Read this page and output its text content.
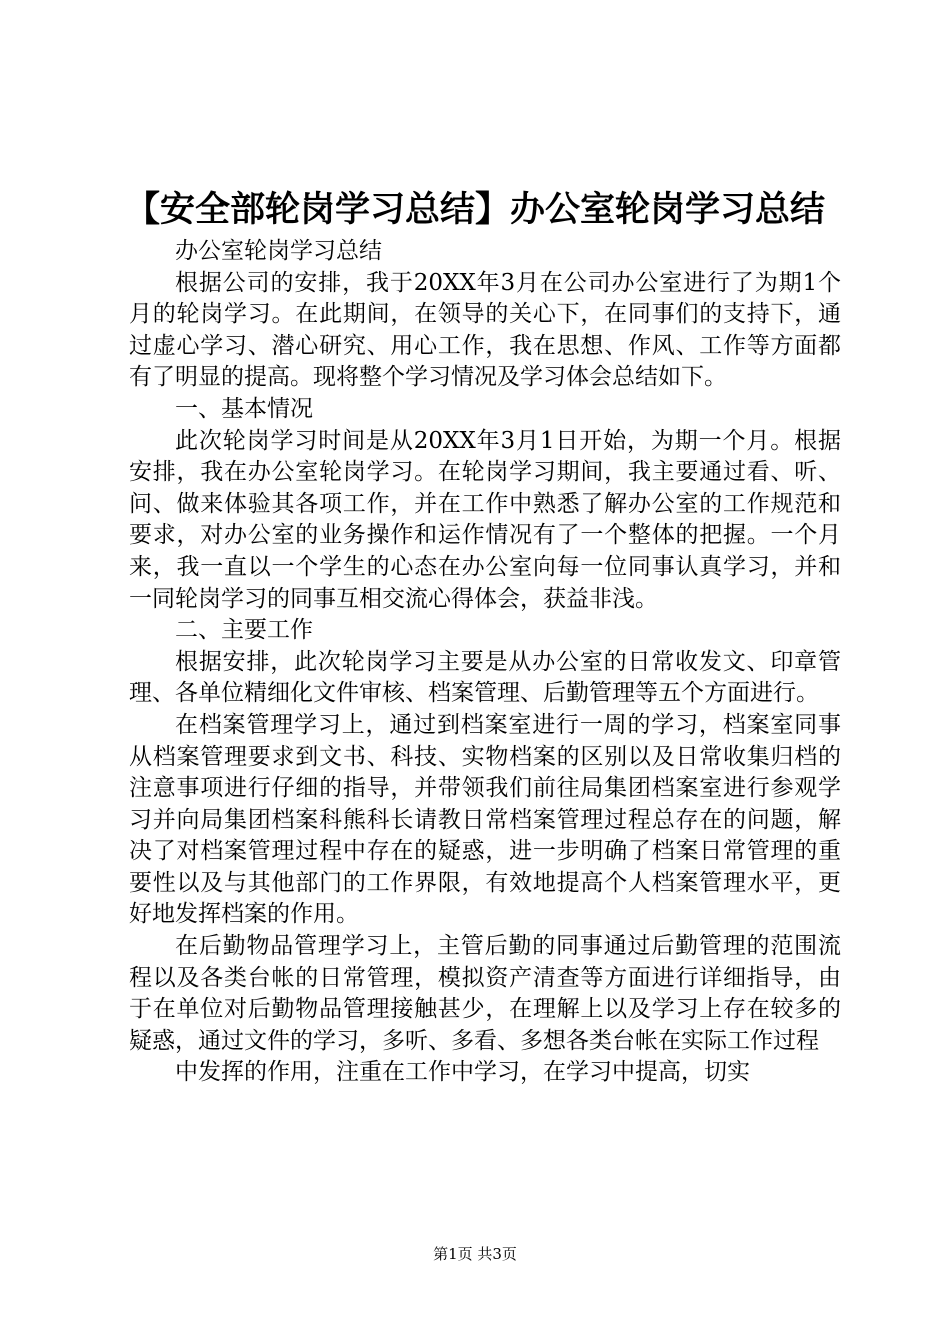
【安全部轮岗学习总结】办公室轮岗学习总结

办公室轮岗学习总结

根据公司的安排，我于20XX年3月在公司办公室进行了为期1个月的轮岗学习。在此期间，在领导的关心下，在同事们的支持下，通过虚心学习、潜心研究、用心工作，我在思想、作风、工作等方面都有了明显的提高。现将整个学习情况及学习体会总结如下。

一、基本情况

此次轮岗学习时间是从20XX年3月1日开始，为期一个月。根据安排，我在办公室轮岗学习。在轮岗学习期间，我主要通过看、听、问、做来体验其各项工作，并在工作中熟悉了解办公室的工作规范和要求，对办公室的业务操作和运作情况有了一个整体的把握。一个月来，我一直以一个学生的心态在办公室向每一位同事认真学习，并和一同轮岗学习的同事互相交流心得体会，获益非浅。

二、主要工作

根据安排，此次轮岗学习主要是从办公室的日常收发文、印章管理、各单位精细化文件审核、档案管理、后勤管理等五个方面进行。

在档案管理学习上，通过到档案室进行一周的学习，档案室同事从档案管理要求到文书、科技、实物档案的区别以及日常收集归档的注意事项进行仔细的指导，并带领我们前往局集团档案室进行参观学习并向局集团档案科熊科长请教日常档案管理过程总存在的问题，解决了对档案管理过程中存在的疑惑，进一步明确了档案日常管理的重要性以及与其他部门的工作界限，有效地提高个人档案管理水平，更好地发挥档案的作用。

在后勤物品管理学习上，主管后勤的同事通过后勤管理的范围流程以及各类台帐的日常管理，模拟资产清查等方面进行详细指导，由于在单位对后勤物品管理接触甚少，在理解上以及学习上存在较多的疑惑，通过文件的学习，多听、多看、多想各类台帐在实际工作过程

中发挥的作用，注重在工作中学习，在学习中提高，切实

第1页 共3页
